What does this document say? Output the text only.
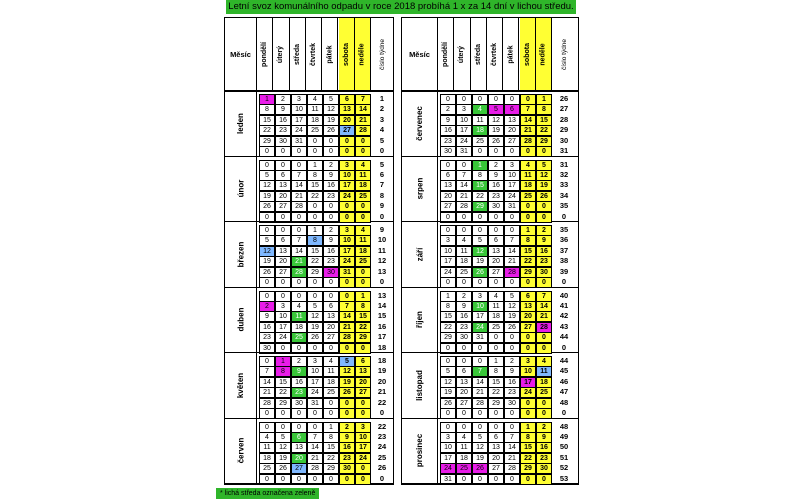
Letní svoz komunálního odpadu v roce 2018 probíhá 1 x za 14 dní v lichou středu.
Měsíc	pondělí úterý středa čtvrtek pátek sobota neděle číslo týdne
leden
1	2	3	4	5	6	7	1
8	9	10	11	12	13	14	2
15	16	17	18	19	20	21	3
22	23	24	25	26	27	28	4
29	30	31	0	0	0	0	5
0	0	0	0	0	0	0	0
únor
0	0	0	1	2	3	4	5
5	6	7	8	9	10	11	6
12	13	14	15	16	17	18	7
19	20	21	22	23	24	25	8
26	27	28	0	0	0	0	9
0	0	0	0	0	0	0	0
březen
0	0	0	1	2	3	4	9
5	6	7	8	9	10	11	10
12	13	14	15	16	17	18	11
19	20	21	22	23	24	25	12
26	27	28	29	30	31	0	13
0	0	0	0	0	0	0	0
duben
0	0	0	0	0	0	1	13
2	3	4	5	6	7	8	14
9	10	11	12	13	14	15	15
16	17	18	19	20	21	22	16
23	24	25	26	27	28	29	17
30	0	0	0	0	0	0	18
květen
0	1	2	3	4	5	6	18
7	8	9	10	11	12	13	19
14	15	16	17	18	19	20	20
21	22	23	24	25	26	27	21
28	29	30	31	0	0	0	22
0	0	0	0	0	0	0	0
červen
0	0	0	0	1	2	3	22
4	5	6	7	8	9	10	23
11	12	13	14	15	16	17	24
18	19	20	21	22	23	24	25
25	26	27	28	29	30	0	26
0	0	0	0	0	0	0	0
Měsíc	pondělí úterý středa čtvrtek pátek sobota neděle číslo týdne
červenec
0	0	0	0	0	0	1	26
2	3	4	5	6	7	8	27
9	10	11	12	13	14	15	28
16	17	18	19	20	21	22	29
23	24	25	26	27	28	29	30
30	31	0	0	0	0	0	31
srpen
0	0	1	2	3	4	5	31
6	7	8	9	10	11	12	32
13	14	15	16	17	18	19	33
20	21	22	23	24	25	26	34
27	28	29	30	31	0	0	35
0	0	0	0	0	0	0	0
září
0	0	0	0	0	1	2	35
3	4	5	6	7	8	9	36
10	11	12	13	14	15	16	37
17	18	19	20	21	22	23	38
24	25	26	27	28	29	30	39
0	0	0	0	0	0	0	0
říjen
1	2	3	4	5	6	7	40
8	9	10	11	12	13	14	41
15	16	17	18	19	20	21	42
22	23	24	25	26	27	28	43
29	30	31	0	0	0	0	44
0	0	0	0	0	0	0	0
listopad
0	0	0	1	2	3	4	44
5	6	7	8	9	10	11	45
12	13	14	15	16	17	18	46
19	20	21	22	23	24	25	47
26	27	28	29	30	0	0	48
0	0	0	0	0	0	0	0
prosinec
0	0	0	0	0	1	2	48
3	4	5	6	7	8	9	49
10	11	12	13	14	15	16	50
17	18	19	20	21	22	23	51
24	25	26	27	28	29	30	52
31	0	0	0	0	0	0	53
* lichá středa označena zeleně
